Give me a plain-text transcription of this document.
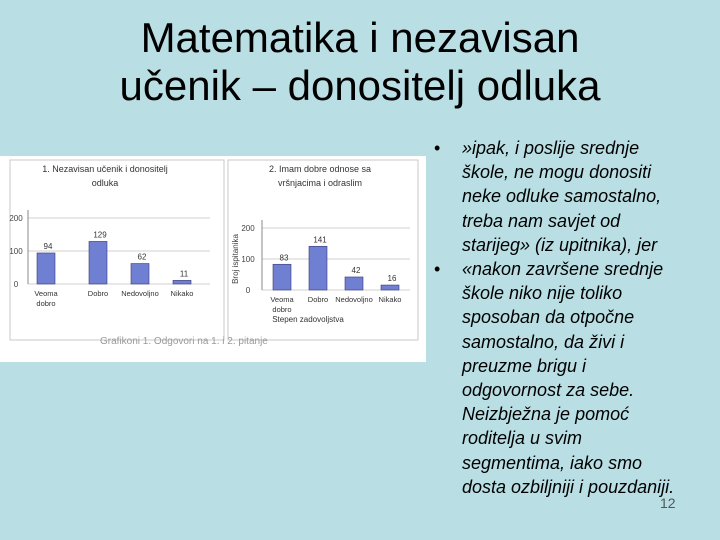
Matematika i nezavisan
učenik – donositelj odluka
1. Nezavisan učenik i donositelj
odluka
0
100
200
94
Veoma
dobro
129
Dobro
62
Nedovoljno
11
Nikako
2. Imam dobre odnose sa
vršnjacima i odraslim
0
100
200
Broj ispitanika	83
Veoma
dobro
141
Dobro
42
Nedovoljno
16
Nikako
Stepen zadovoljstva
Grafikoni 1. Odgovori na 1. i 2. pitanje
• »ipak, i poslije srednje
škole, ne mogu donositi
neke odluke samostalno,
treba nam savjet od
starijeg» (iz upitnika), jer
• «nakon završene srednje
škole niko nije toliko
sposoban da otpočne
samostalno, da živi i
preuzme brigu i
odgovornost za sebe.
Neizbježna je pomoć
roditelja u svim
segmentima, iako smo
dosta ozbiljniji i pouzdaniji.
12
